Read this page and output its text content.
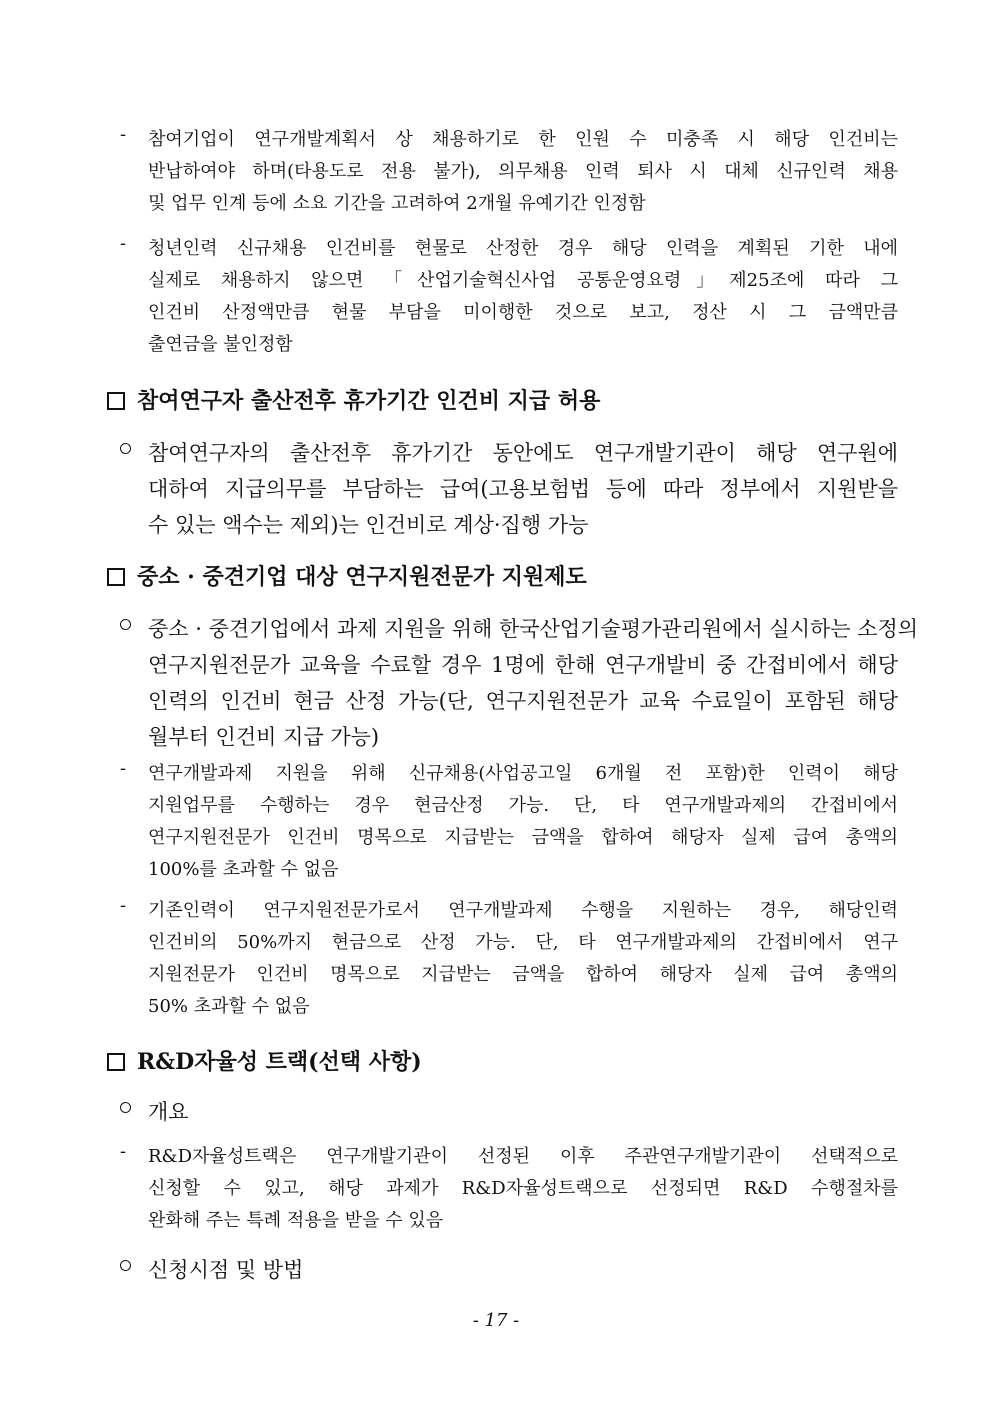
- 참여기업이 연구개발계획서 상 채용하기로 한 인원 수 미충족 시 해당 인건비는
반납하여야 하며(타용도로 전용 불가), 의무채용 인력 퇴사 시 대체 신규인력 채용
및 업무 인계 등에 소요 기간을 고려하여 2개월 유예기간 인정함
- 청년인력 신규채용 인건비를 현물로 산정한 경우 해당 인력을 계획된 기한 내에
실제로 채용하지 않으면 「산업기술혁신사업 공통운영요령」제25조에 따라 그
인건비 산정액만큼 현물 부담을 미이행한 것으로 보고, 정산 시 그 금액만큼
출연금을 불인정함
참여연구자 출산전후 휴가기간 인건비 지급 허용
참여연구자의 출산전후 휴가기간 동안에도 연구개발기관이 해당 연구원에
대하여 지급의무를 부담하는 급여(고용보험법 등에 따라 정부에서 지원받을
수 있는 액수는 제외)는 인건비로 계상·집행 가능
중소 · 중견기업 대상 연구지원전문가 지원제도
중소 · 중견기업에서 과제 지원을 위해 한국산업기술평가관리원에서 실시하는 소정의
연구지원전문가 교육을 수료할 경우 1명에 한해 연구개발비 중 간접비에서 해당
인력의 인건비 현금 산정 가능(단, 연구지원전문가 교육 수료일이 포함된 해당
월부터 인건비 지급 가능)
- 연구개발과제 지원을 위해 신규채용(사업공고일 6개월 전 포함)한 인력이 해당
지원업무를 수행하는 경우 현금산정 가능. 단, 타 연구개발과제의 간접비에서
연구지원전문가 인건비 명목으로 지급받는 금액을 합하여 해당자 실제 급여 총액의
100%를 초과할 수 없음
- 기존인력이 연구지원전문가로서 연구개발과제 수행을 지원하는 경우, 해당인력
인건비의 50%까지 현금으로 산정 가능. 단, 타 연구개발과제의 간접비에서 연구
지원전문가 인건비 명목으로 지급받는 금액을 합하여 해당자 실제 급여 총액의
50% 초과할 수 없음
R&D자율성 트랙(선택 사항)
개요
- R&D자율성트랙은 연구개발기관이 선정된 이후 주관연구개발기관이 선택적으로
신청할 수 있고, 해당 과제가 R&D자율성트랙으로 선정되면 R&D 수행절차를
완화해 주는 특례 적용을 받을 수 있음
신청시점 및 방법
- 17 -
